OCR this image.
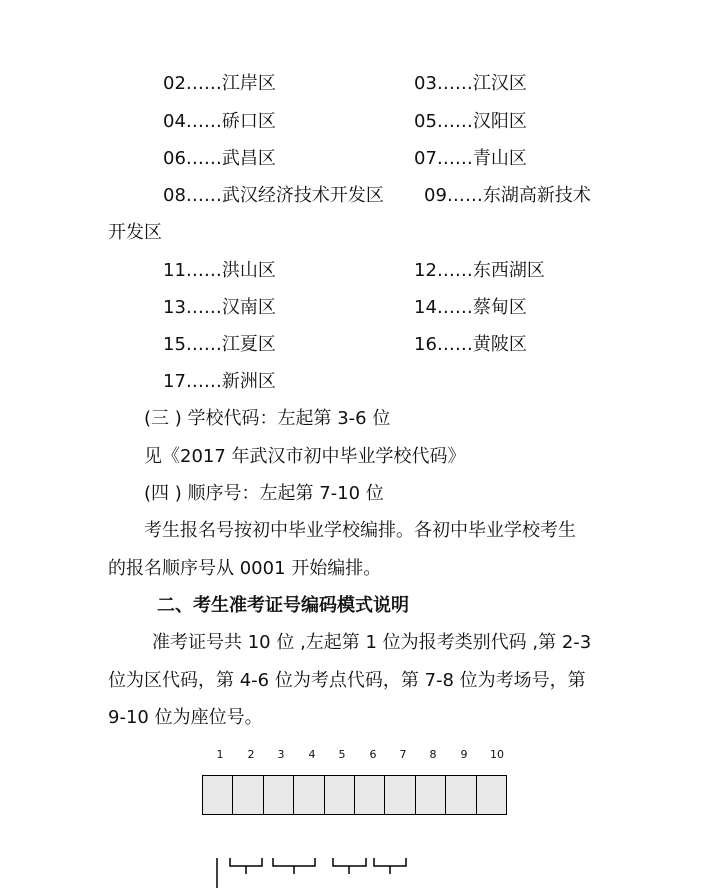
02……江岸区	03……江汉区
04……硚口区	05……汉阳区
06……武昌区	07……青山区
08……武汉经济技术开发区 09……东湖高新技术
开发区
11……洪山区	12……东西湖区
13……汉南区	14……蔡甸区
15……江夏区	16……黄陂区
17……新洲区
(三 ) 学校代码：左起第 3-6 位
见《2017 年武汉市初中毕业学校代码》
(四 ) 顺序号：左起第 7-10 位
考生报名号按初中毕业学校编排。各初中毕业学校考生
的报名顺序号从 0001 开始编排。
二、考生准考证号编码模式说明
准考证号共 10 位 ,左起第 1 位为报考类别代码 ,第 2-3
位为区代码，第 4-6 位为考点代码，第 7-8 位为考场号，第
9-10 位为座位号。
1	2	3	4	5	6	7	8	9	10
